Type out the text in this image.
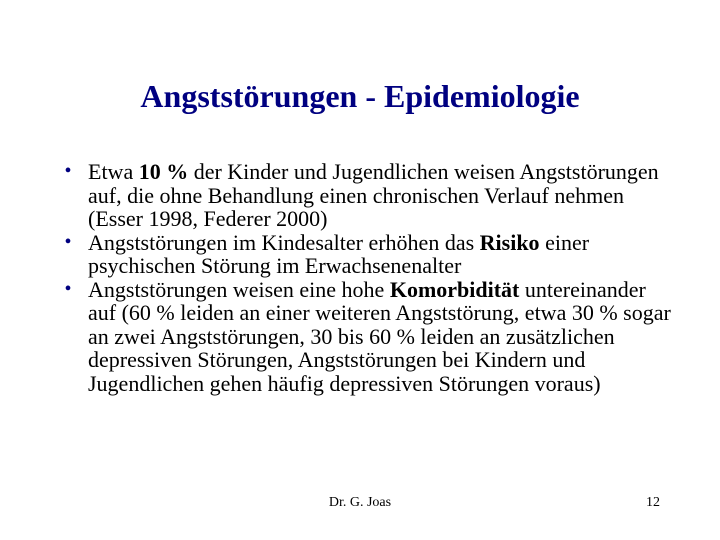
Angststörungen - Epidemiologie
• Etwa 10 % der Kinder und Jugendlichen weisen Angststörungen auf, die ohne Behandlung einen chronischen Verlauf nehmen (Esser 1998, Federer 2000)
• Angststörungen im Kindesalter erhöhen das Risiko einer psychischen Störung im Erwachsenenalter
• Angststörungen weisen eine hohe Komorbidität untereinander auf (60 % leiden an einer weiteren Angststörung, etwa 30 % sogar an zwei Angststörungen, 30 bis 60 % leiden an zusätzlichen depressiven Störungen, Angststörungen bei Kindern und Jugendlichen gehen häufig depressiven Störungen voraus)
Dr. G. Joas	12
